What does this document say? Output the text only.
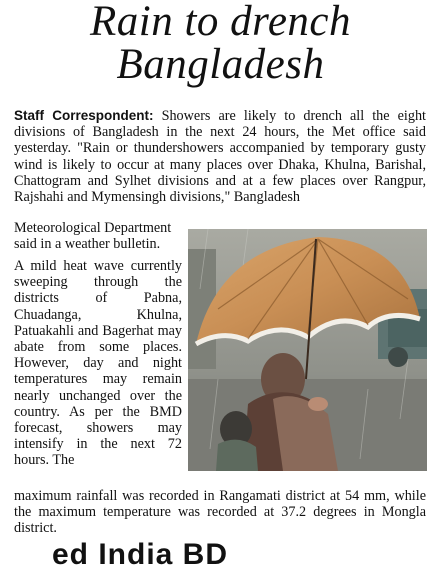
Rain to drench
Bangladesh

Staff Correspondent: Showers are likely to drench all the eight divisions of Bangladesh in the next 24 hours, the Met office said yesterday. "Rain or thundershowers accompanied by temporary gusty wind is likely to occur at many places over Dhaka, Khulna, Barishal, Chattogram and Sylhet divisions and at a few places over Rangpur, Rajshahi and Mymensingh divisions," Bangladesh

Meteorological Department said in a weather bulletin.

A mild heat wave currently sweeping through the districts of Pabna, Chuadanga, Khulna, Patuakahli and Bagerhat may abate from some places. However, day and night temperatures may remain nearly unchanged over the country. As per the BMD forecast, showers may intensify in the next 72 hours. The

maximum rainfall was recorded in Rangamati district at 54 mm, while the maximum temperature was recorded at 37.2 degrees in Mongla district.

ed India BD
